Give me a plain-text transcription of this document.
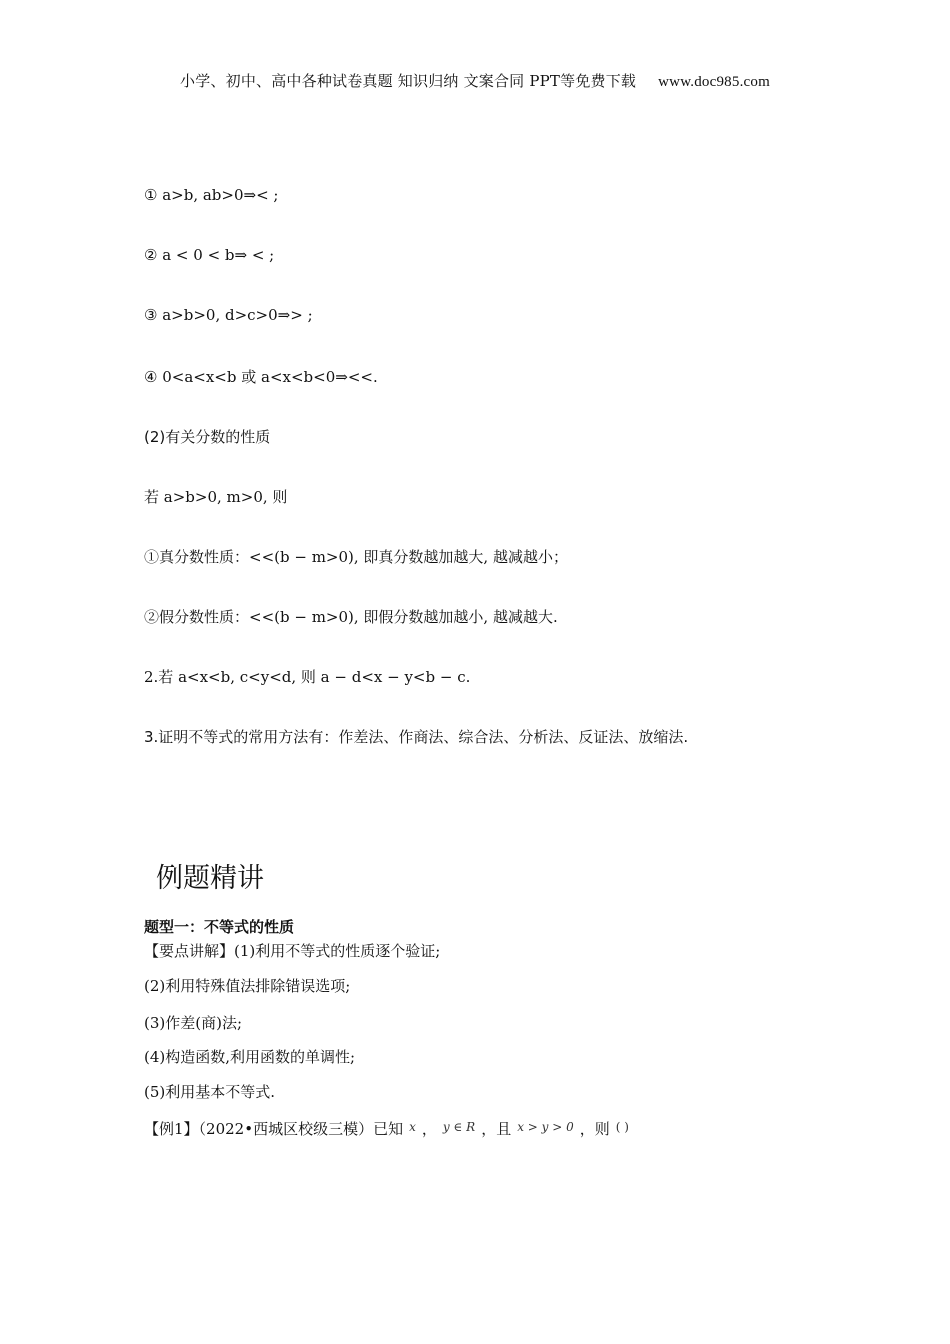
小学、初中、高中各种试卷真题 知识归纳 文案合同 PPT等免费下载 www.doc985.com
① a>b, ab>0⇒< ;
② a < 0 < b⇒ < ;
③ a>b>0, d>c>0⇒> ;
④ 0<a<x<b 或 a<x<b<0⇒<<.
(2)有关分数的性质
若 a>b>0, m>0, 则
①真分数性质：<<(b − m>0), 即真分数越加越大, 越减越小；
②假分数性质：<<(b − m>0), 即假分数越加越小, 越减越大.
2.若 a<x<b, c<y<d, 则 a − d<x − y<b − c.
3.证明不等式的常用方法有：作差法、作商法、综合法、分析法、反证法、放缩法.
例题精讲
题型一：不等式的性质
【要点讲解】(1)利用不等式的性质逐个验证;
(2)利用特殊值法排除错误选项;
(3)作差(商)法;
(4)构造函数,利用函数的单调性;
(5)利用基本不等式.
【例1】（2022•西城区校级三模）已知 $^x$ ， $^{y \in R}$ ，且 $^{x > y > 0}$ ，则 ( )
